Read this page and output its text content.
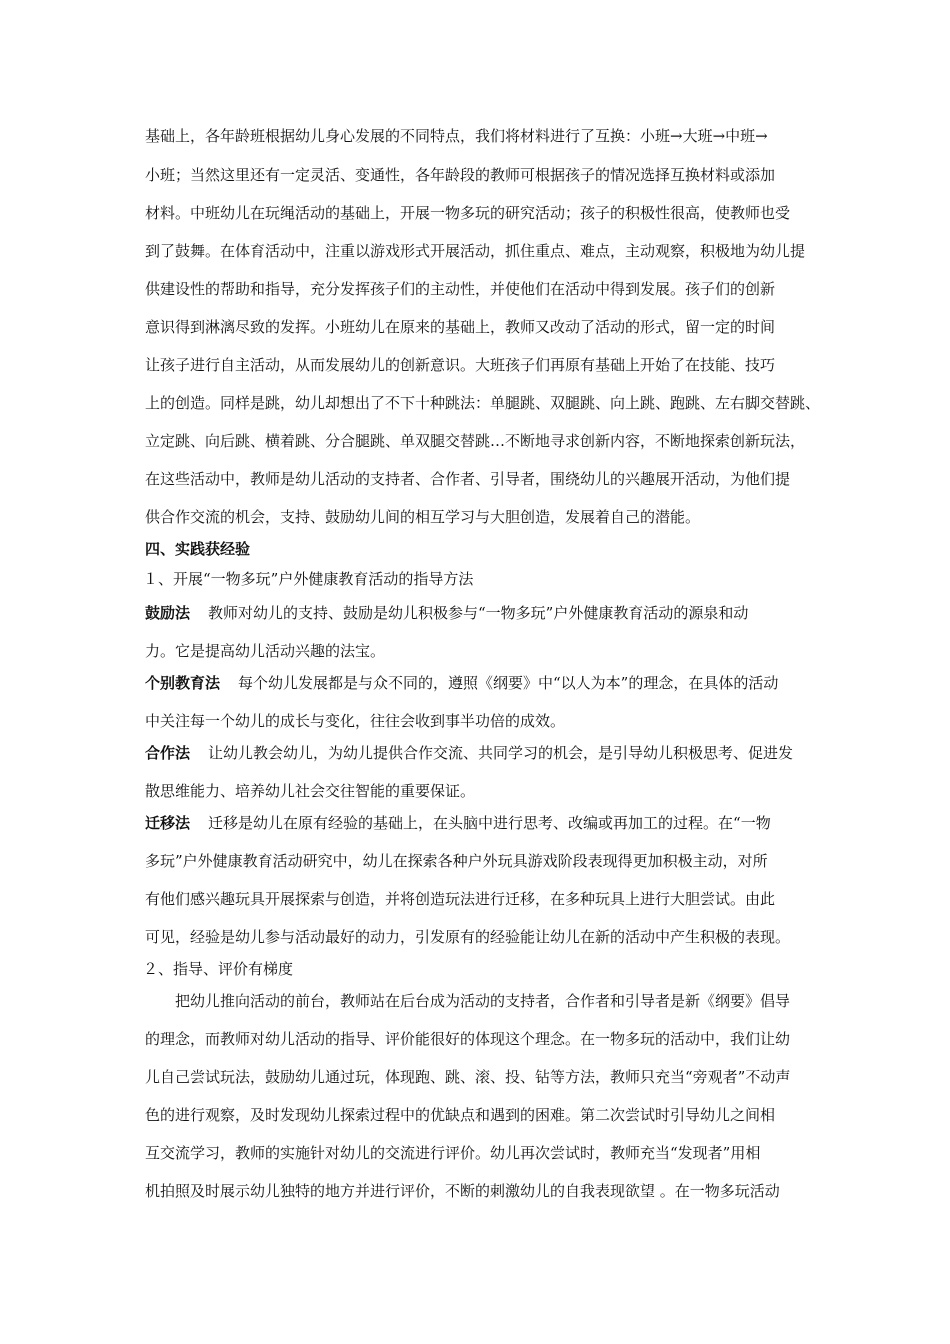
基础上，各年龄班根据幼儿身心发展的不同特点，我们将材料进行了互换：小班→大班→中班→
小班；当然这里还有一定灵活、变通性，各年龄段的教师可根据孩子的情况选择互换材料或添加
材料。中班幼儿在玩绳活动的基础上，开展一物多玩的研究活动；孩子的积极性很高，使教师也受
到了鼓舞。在体育活动中，注重以游戏形式开展活动，抓住重点、难点，主动观察，积极地为幼儿提
供建设性的帮助和指导，充分发挥孩子们的主动性，并使他们在活动中得到发展。孩子们的创新
意识得到淋漓尽致的发挥。小班幼儿在原来的基础上，教师又改动了活动的形式，留一定的时间
让孩子进行自主活动，从而发展幼儿的创新意识。大班孩子们再原有基础上开始了在技能、技巧
上的创造。同样是跳，幼儿却想出了不下十种跳法：单腿跳、双腿跳、向上跳、跑跳、左右脚交替跳、
立定跳、向后跳、横着跳、分合腿跳、单双腿交替跳…不断地寻求创新内容，不断地探索创新玩法，
在这些活动中，教师是幼儿活动的支持者、合作者、引导者，围绕幼儿的兴趣展开活动，为他们提
供合作交流的机会，支持、鼓励幼儿间的相互学习与大胆创造，发展着自己的潜能。
四、实践获经验
１、开展“一物多玩”户外健康教育活动的指导方法
鼓励法 教师对幼儿的支持、鼓励是幼儿积极参与“一物多玩”户外健康教育活动的源泉和动
力。它是提高幼儿活动兴趣的法宝。
个别教育法 每个幼儿发展都是与众不同的，遵照《纲要》中“以人为本”的理念，在具体的活动
中关注每一个幼儿的成长与变化，往往会收到事半功倍的成效。
合作法 让幼儿教会幼儿，为幼儿提供合作交流、共同学习的机会，是引导幼儿积极思考、促进发
散思维能力、培养幼儿社会交往智能的重要保证。
迁移法 迁移是幼儿在原有经验的基础上，在头脑中进行思考、改编或再加工的过程。在“一物
多玩”户外健康教育活动研究中，幼儿在探索各种户外玩具游戏阶段表现得更加积极主动，对所
有他们感兴趣玩具开展探索与创造，并将创造玩法进行迁移，在多种玩具上进行大胆尝试。由此
可见，经验是幼儿参与活动最好的动力，引发原有的经验能让幼儿在新的活动中产生积极的表现。
２、指导、评价有梯度
把幼儿推向活动的前台，教师站在后台成为活动的支持者，合作者和引导者是新《纲要》倡导
的理念，而教师对幼儿活动的指导、评价能很好的体现这个理念。在一物多玩的活动中，我们让幼
儿自己尝试玩法，鼓励幼儿通过玩，体现跑、跳、滚、投、钻等方法，教师只充当“旁观者”不动声
色的进行观察，及时发现幼儿探索过程中的优缺点和遇到的困难。第二次尝试时引导幼儿之间相
互交流学习，教师的实施针对幼儿的交流进行评价。幼儿再次尝试时，教师充当“发现者”用相
机拍照及时展示幼儿独特的地方并进行评价，不断的刺激幼儿的自我表现欲望 。在一物多玩活动
